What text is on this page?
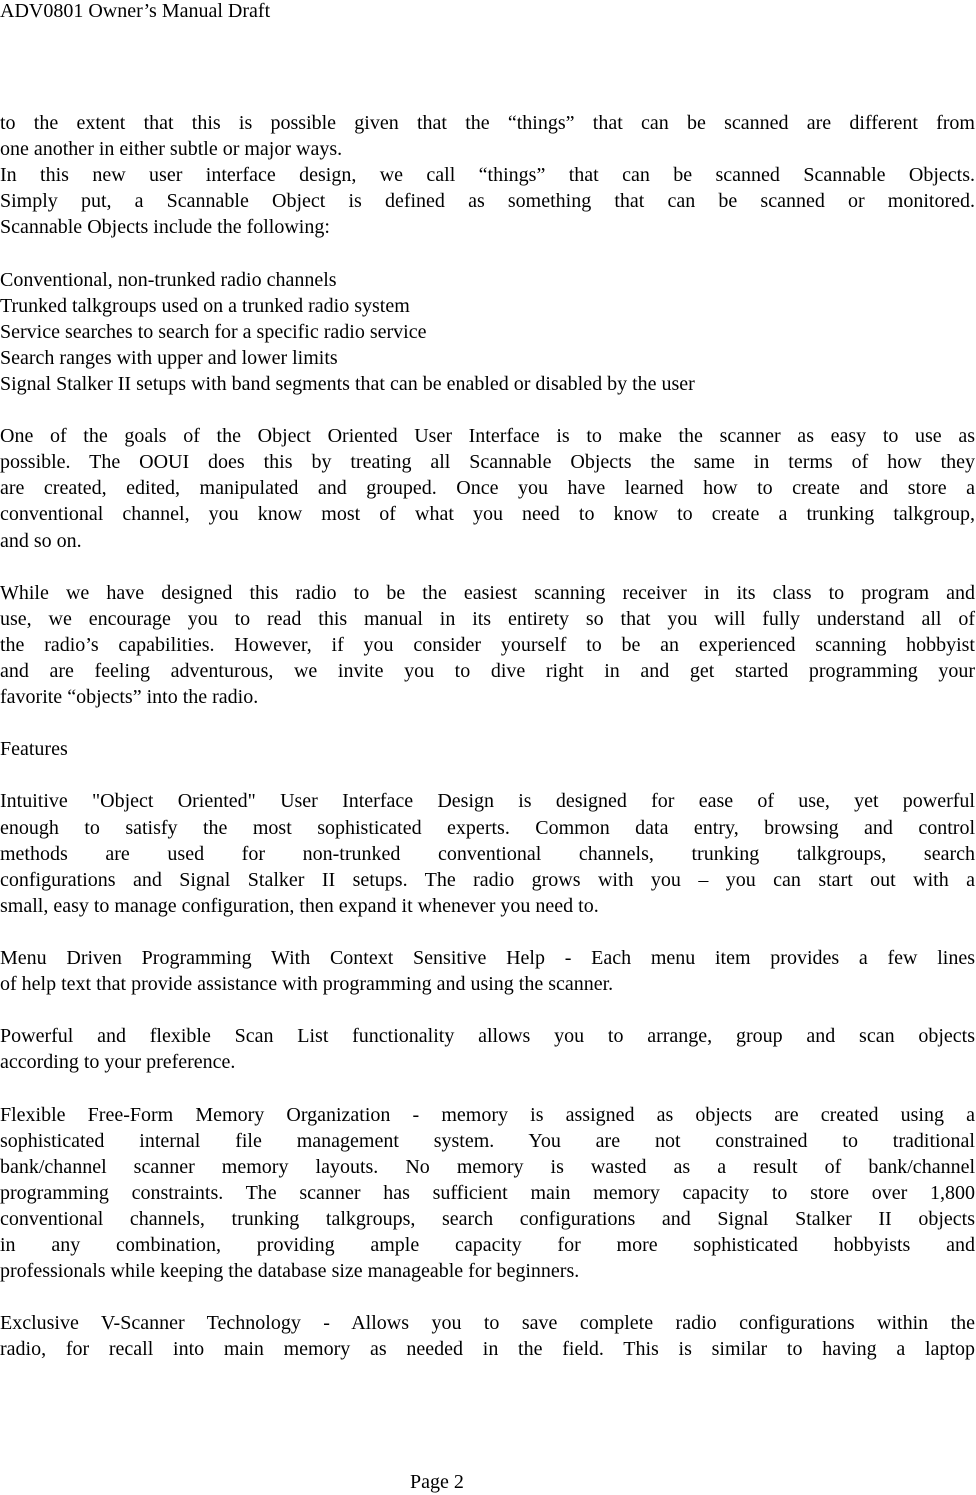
ADV0801 Owner’s Manual Draft
to the extent that this is possible given that the “things” that can be scanned are different from
one another in either subtle or major ways.
In this new user interface design, we call “things” that can be scanned Scannable Objects.
Simply put, a Scannable Object is defined as something that can be scanned or monitored.
Scannable Objects include the following:
Conventional, non-trunked radio channels
Trunked talkgroups used on a trunked radio system
Service searches to search for a specific radio service
Search ranges with upper and lower limits
Signal Stalker II setups with band segments that can be enabled or disabled by the user
One of the goals of the Object Oriented User Interface is to make the scanner as easy to use as
possible. The OOUI does this by treating all Scannable Objects the same in terms of how they
are created, edited, manipulated and grouped. Once you have learned how to create and store a
conventional channel, you know most of what you need to know to create a trunking talkgroup,
and so on.
While we have designed this radio to be the easiest scanning receiver in its class to program and
use, we encourage you to read this manual in its entirety so that you will fully understand all of
the radio’s capabilities. However, if you consider yourself to be an experienced scanning hobbyist
and are feeling adventurous, we invite you to dive right in and get started programming your
favorite “objects” into the radio.
Features
Intuitive "Object Oriented" User Interface Design is designed for ease of use, yet powerful
enough to satisfy the most sophisticated experts. Common data entry, browsing and control
methods are used for non-trunked conventional channels, trunking talkgroups, search
configurations and Signal Stalker II setups. The radio grows with you – you can start out with a
small, easy to manage configuration, then expand it whenever you need to.
Menu Driven Programming With Context Sensitive Help - Each menu item provides a few lines
of help text that provide assistance with programming and using the scanner.
Powerful and flexible Scan List functionality allows you to arrange, group and scan objects
according to your preference.
Flexible Free-Form Memory Organization - memory is assigned as objects are created using a
sophisticated internal file management system. You are not constrained to traditional
bank/channel scanner memory layouts. No memory is wasted as a result of bank/channel
programming constraints. The scanner has sufficient main memory capacity to store over 1,800
conventional channels, trunking talkgroups, search configurations and Signal Stalker II objects
in any combination, providing ample capacity for more sophisticated hobbyists and
professionals while keeping the database size manageable for beginners.
Exclusive V-Scanner Technology - Allows you to save complete radio configurations within the
radio, for recall into main memory as needed in the field. This is similar to having a laptop
Page 2
